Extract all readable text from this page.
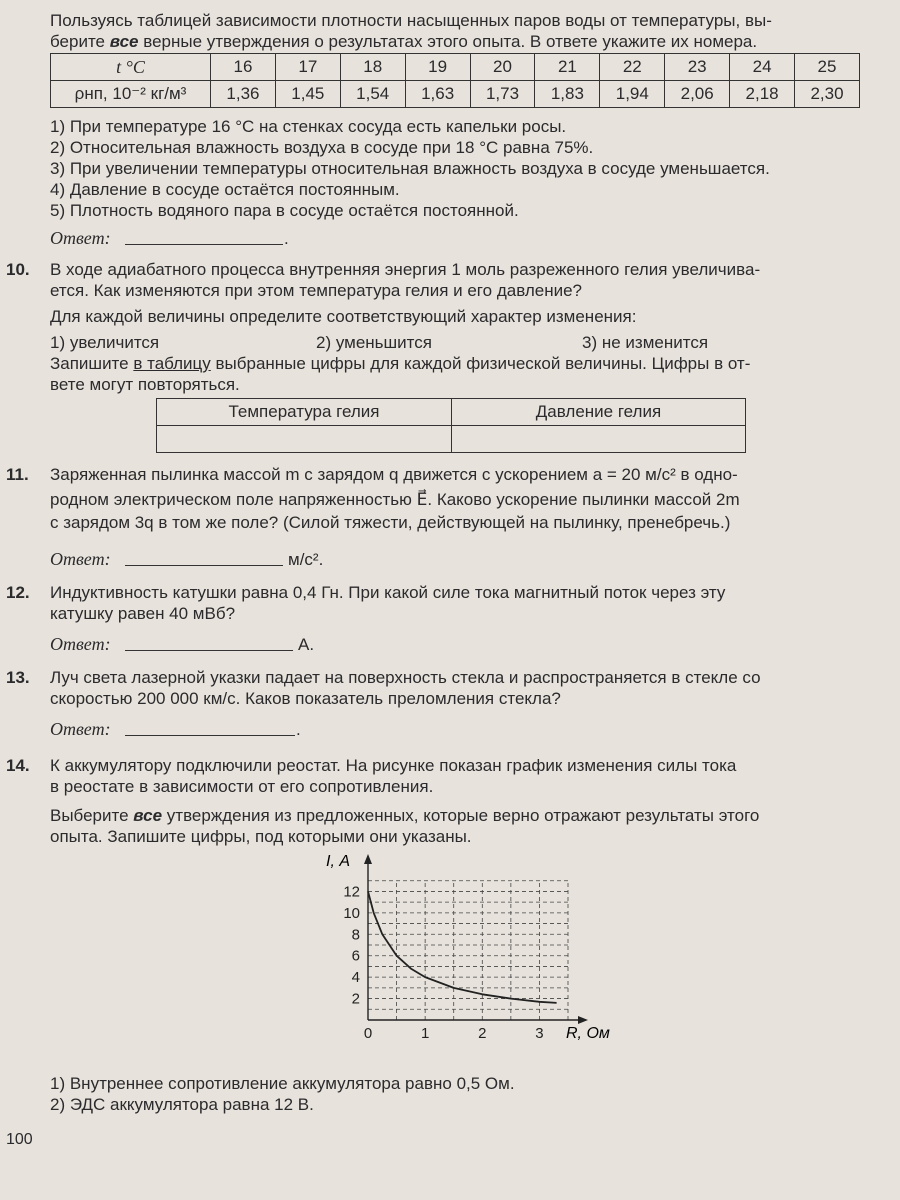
Пользуясь таблицей зависимости плотности насыщенных паров воды от температуры, вы-
берите все верные утверждения о результатах этого опыта. В ответе укажите их номера.
t °C	16	17	18	19	20	21	22	23	24	25
ρнп, 10⁻² кг/м³	1,36	1,45	1,54	1,63	1,73	1,83	1,94	2,06	2,18	2,30
1) При температуре 16 °C на стенках сосуда есть капельки росы.
2) Относительная влажность воздуха в сосуде при 18 °C равна 75%.
3) При увеличении температуры относительная влажность воздуха в сосуде уменьшается.
4) Давление в сосуде остаётся постоянным.
5) Плотность водяного пара в сосуде остаётся постоянной.
Ответ:	.
10. В ходе адиабатного процесса внутренняя энергия 1 моль разреженного гелия увеличива-
ется. Как изменяются при этом температура гелия и его давление?
Для каждой величины определите соответствующий характер изменения:
1) увеличится	2) уменьшится	3) не изменится
Запишите в таблицу выбранные цифры для каждой физической величины. Цифры в от-
вете могут повторяться.
Температура гелия	Давление гелия

11. Заряженная пылинка массой m с зарядом q движется с ускорением a = 20 м/с² в одно-
родном электрическом поле напряженностью E⃗. Каково ускорение пылинки массой 2m
с зарядом 3q в том же поле? (Силой тяжести, действующей на пылинку, пренебречь.)
Ответ:	м/с².
12. Индуктивность катушки равна 0,4 Гн. При какой силе тока магнитный поток через эту
катушку равен 40 мВб?
Ответ:	А.
13. Луч света лазерной указки падает на поверхность стекла и распространяется в стекле со
скоростью 200 000 км/с. Каков показатель преломления стекла?
Ответ:	.
14. К аккумулятору подключили реостат. На рисунке показан график изменения силы тока
в реостате в зависимости от его сопротивления.
Выберите все утверждения из предложенных, которые верно отражают результаты этого
опыта. Запишите цифры, под которыми они указаны.
0	1	2	3
2
4
6
8
10
12
I, А
R, Ом
1) Внутреннее сопротивление аккумулятора равно 0,5 Ом.
2) ЭДС аккумулятора равна 12 В.
100
